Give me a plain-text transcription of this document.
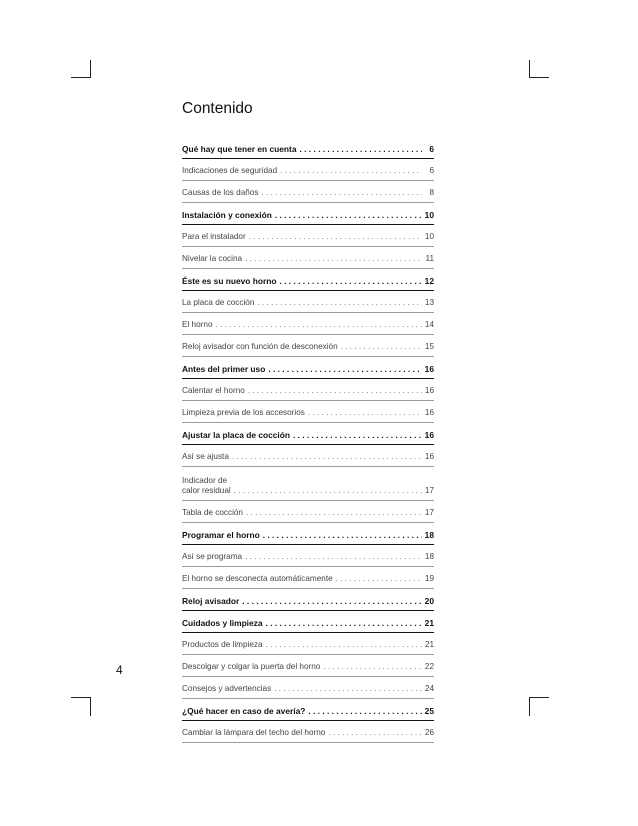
Contenido
Qué hay que tener en cuenta . . .	6
Indicaciones de seguridad . . .	6
Causas de los daños . . .	8
Instalación y conexión . . .	10
Para el instalador . . .	10
Nivelar la cocina . . .	11
Éste es su nuevo horno . . .	12
La placa de cocción . . .	13
El horno . . .	14
Reloj avisador con función de desconexión . . .	15
Antes del primer uso . . .	16
Calentar el horno . . .	16
Limpieza previa de los accesorios . . .	16
Ajustar la placa de cocción . . .	16
Así se ajusta . . .	16
Indicador de
calor residual . . .	17
Tabla de cocción . . .	17
Programar el horno . . .	18
Así se programa . . .	18
El horno se desconecta automáticamente . . .	19
Reloj avisador . . .	20
Cuidados y limpieza . . .	21
Productos de limpieza . . .	21
Descolgar y colgar la puerta del horno . . .	22
Consejos y advertencias . . .	24
¿Qué hacer en caso de avería? . . .	25
Cambiar la lámpara del techo del horno . . .	26
4
